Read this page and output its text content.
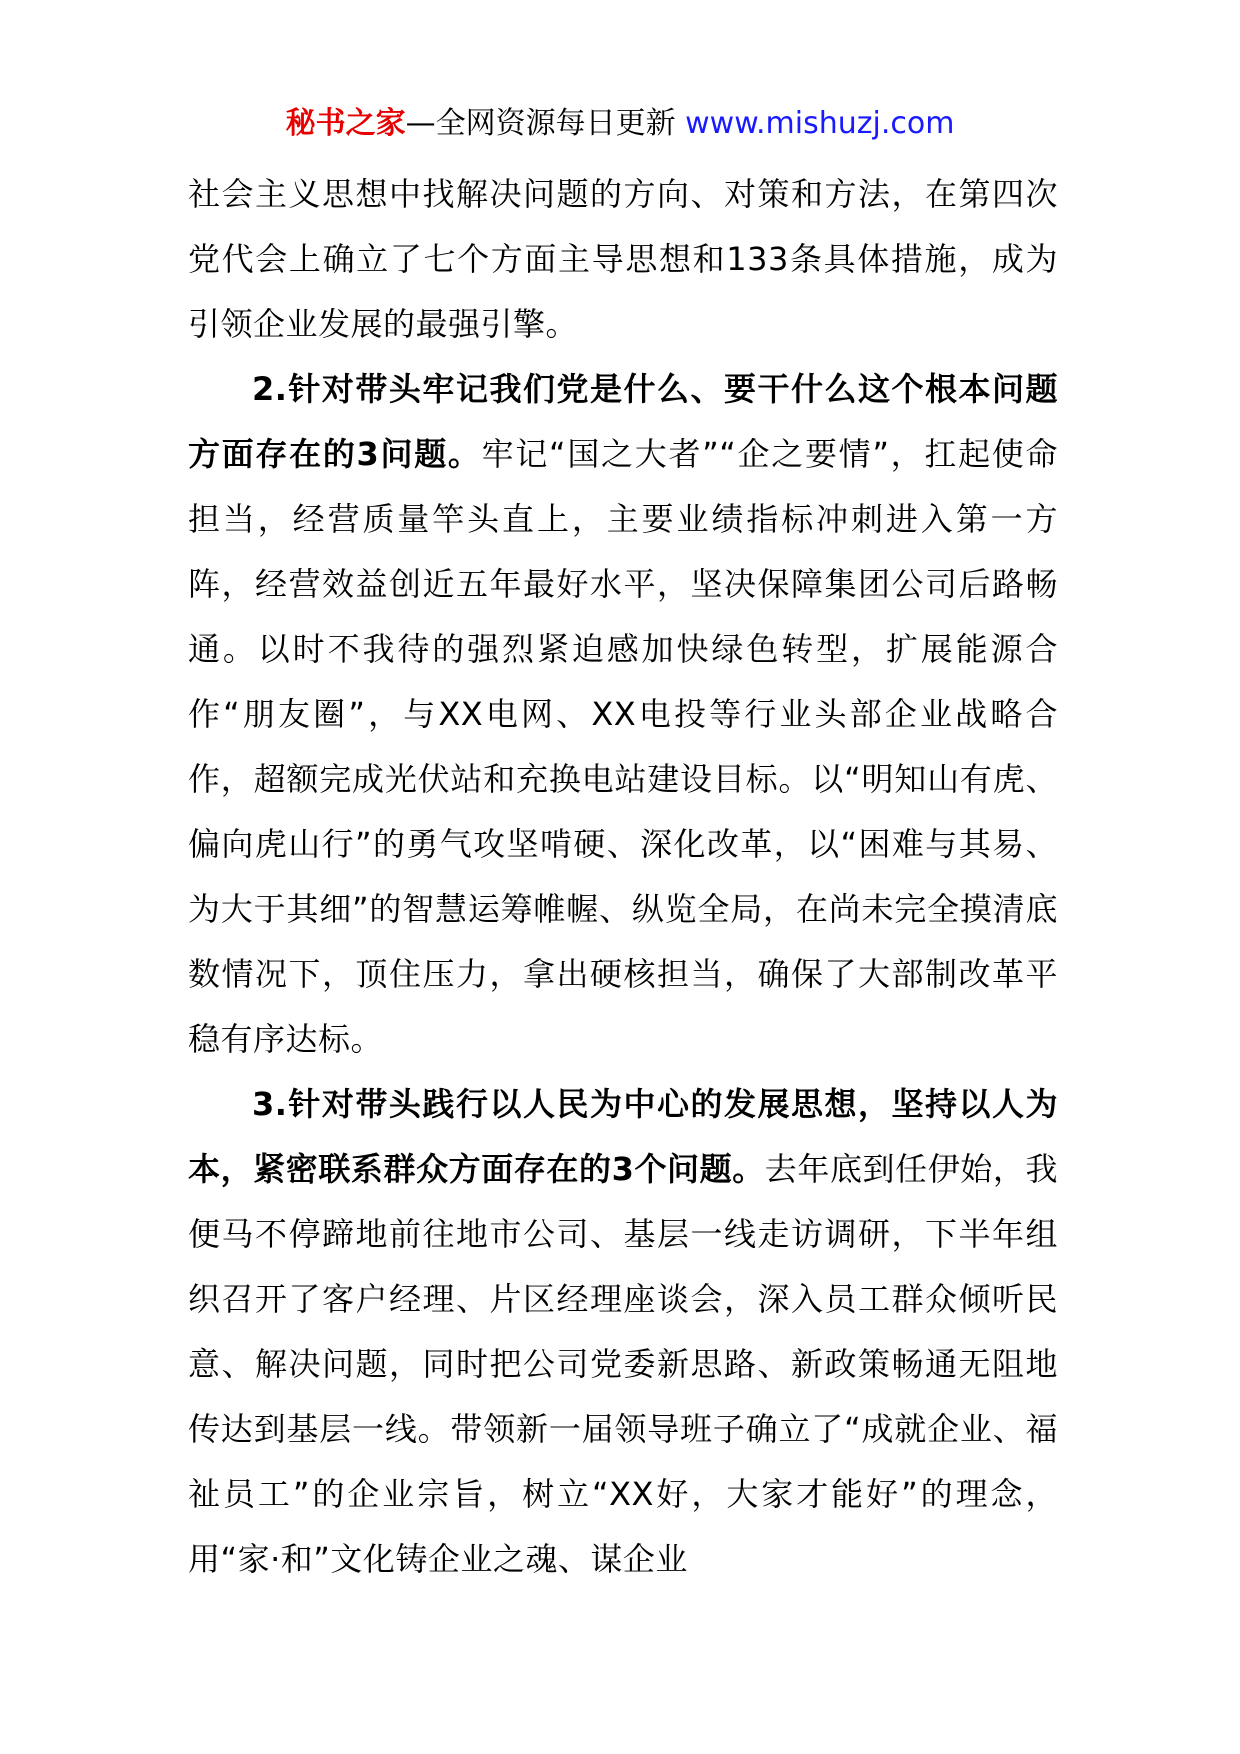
秘书之家—全网资源每日更新 www.mishuzj.com

社会主义思想中找解决问题的方向、对策和方法，在第四次党代会上确立了七个方面主导思想和133条具体措施，成为引领企业发展的最强引擎。

2.针对带头牢记我们党是什么、要干什么这个根本问题方面存在的3问题。牢记“国之大者”“企之要情”，扛起使命担当，经营质量竿头直上，主要业绩指标冲刺进入第一方阵，经营效益创近五年最好水平，坚决保障集团公司后路畅通。以时不我待的强烈紧迫感加快绿色转型，扩展能源合作“朋友圈”，与XX电网、XX电投等行业头部企业战略合作，超额完成光伏站和充换电站建设目标。以“明知山有虎、偏向虎山行”的勇气攻坚啃硬、深化改革，以“困难与其易、为大于其细”的智慧运筹帷幄、纵览全局，在尚未完全摸清底数情况下，顶住压力，拿出硬核担当，确保了大部制改革平稳有序达标。

3.针对带头践行以人民为中心的发展思想，坚持以人为本，紧密联系群众方面存在的3个问题。去年底到任伊始，我便马不停蹄地前往地市公司、基层一线走访调研，下半年组织召开了客户经理、片区经理座谈会，深入员工群众倾听民意、解决问题，同时把公司党委新思路、新政策畅通无阻地传达到基层一线。带领新一届领导班子确立了“成就企业、福祉员工”的企业宗旨，树立“XX好，大家才能好”的理念，用“家·和”文化铸企业之魂、谋企业
